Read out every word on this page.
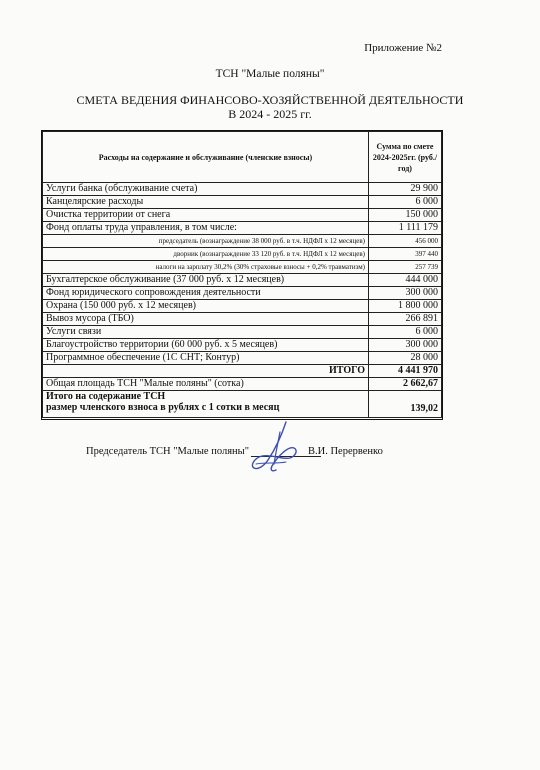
Приложение №2
ТСН "Малые поляны"
СМЕТА ВЕДЕНИЯ ФИНАНСОВО-ХОЗЯЙСТВЕННОЙ ДЕЯТЕЛЬНОСТИ
В 2024 - 2025 гг.
Расходы на содержание и обслуживание (членские взносы)	Сумма по смете 2024-2025гг. (руб./год)
Услуги банка (обслуживание счета)	29 900
Канцелярские расходы	6 000
Очистка территории от снега	150 000
Фонд оплаты труда управления, в том числе:	1 111 179
председатель (вознаграждение 38 000 руб. в т.ч. НДФЛ х 12 месяцев)	456 000
дворник (вознаграждение 33 120 руб. в т.ч. НДФЛ х 12 месяцев)	397 440
налоги на зарплату 30,2% (30% страховые взносы + 0,2% травматизм)	257 739
Бухгалтерское обслуживание (37 000 руб. х 12 месяцев)	444 000
Фонд юридического сопровождения деятельности	300 000
Охрана (150 000 руб. х 12 месяцев)	1 800 000
Вывоз мусора (ТБО)	266 891
Услуги связи	6 000
Благоустройство территории (60 000 руб. х 5 месяцев)	300 000
Программное обеспечение (1С СНТ; Контур)	28 000
ИТОГО	4 441 970
Общая площадь ТСН "Малые поляны" (сотка)	2 662,67

Итого на содержание ТСН
размер членского взноса в рублях с 1 сотки в месяц	139,02
Председатель ТСН "Малые поляны"	В.И. Перервенко
